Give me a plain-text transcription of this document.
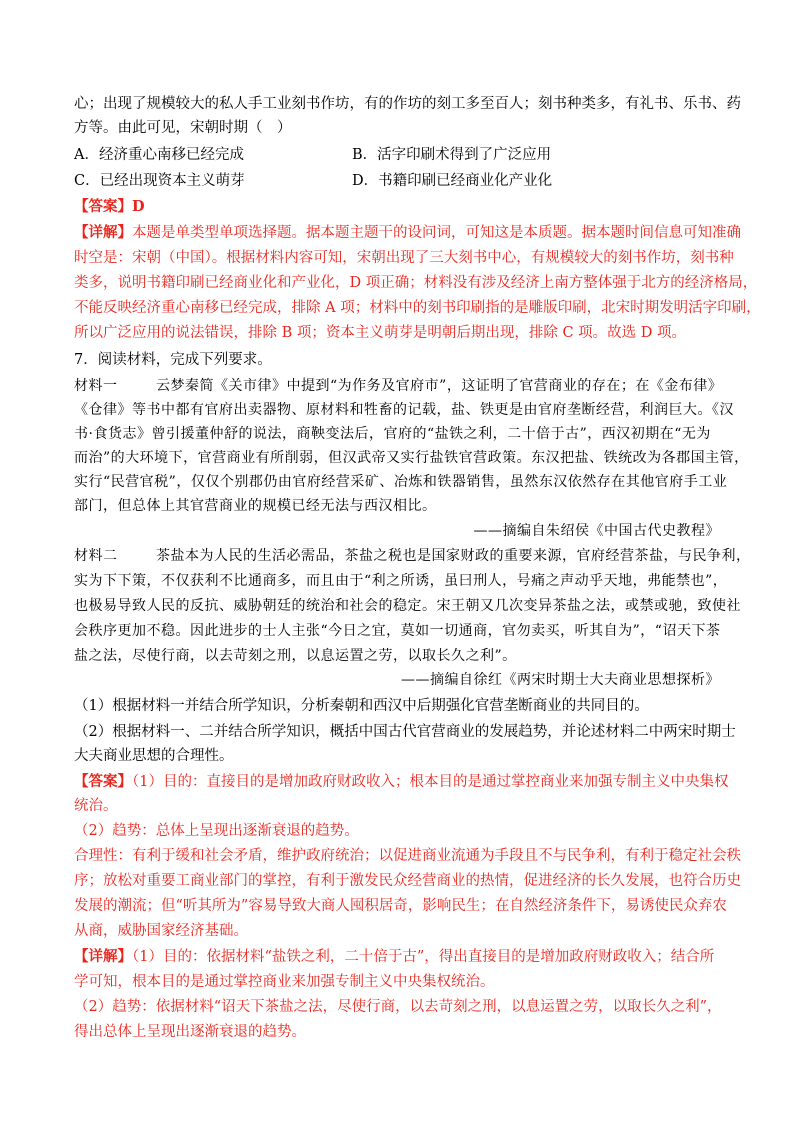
心；出现了规模较大的私人手工业刻书作坊，有的作坊的刻工多至百人；刻书种类多，有礼书、乐书、药
方等。由此可见，宋朝时期（　）
A．经济重心南移已经完成	B．活字印刷术得到了广泛应用
C．已经出现资本主义萌芽	D．书籍印刷已经商业化产业化
【答案】D
【详解】本题是单类型单项选择题。据本题主题干的设问词，可知这是本质题。据本题时间信息可知准确
时空是：宋朝（中国）。根据材料内容可知，宋朝出现了三大刻书中心，有规模较大的刻书作坊，刻书种
类多，说明书籍印刷已经商业化和产业化，D 项正确；材料没有涉及经济上南方整体强于北方的经济格局，
不能反映经济重心南移已经完成，排除 A 项；材料中的刻书印刷指的是雕版印刷，北宋时期发明活字印刷，
所以广泛应用的说法错误，排除 B 项；资本主义萌芽是明朝后期出现，排除 C 项。故选 D 项。
7．阅读材料，完成下列要求。
材料一	云梦秦简《关市律》中提到“为作务及官府市”，这证明了官营商业的存在；在《金布律》
《仓律》等书中都有官府出卖器物、原材料和牲畜的记载，盐、铁更是由官府垄断经营，利润巨大。《汉
书·食货志》曾引援董仲舒的说法，商鞅变法后，官府的“盐铁之利，二十倍于古”，西汉初期在“无为
而治”的大环境下，官营商业有所削弱，但汉武帝又实行盐铁官营政策。东汉把盐、铁统改为各郡国主管，
实行“民营官税”，仅仅个别郡仍由官府经营采矿、冶炼和铁器销售，虽然东汉依然存在其他官府手工业
部门，但总体上其官营商业的规模已经无法与西汉相比。
——摘编自朱绍侯《中国古代史教程》
材料二	茶盐本为人民的生活必需品，茶盐之税也是国家财政的重要来源，官府经营茶盐，与民争利，
实为下下策，不仅获利不比通商多，而且由于“利之所诱，虽曰刑人，号痛之声动乎天地，弗能禁也”，
也极易导致人民的反抗、威胁朝廷的统治和社会的稳定。宋王朝又几次变异茶盐之法，或禁或驰，致使社
会秩序更加不稳。因此进步的士人主张“今日之宜，莫如一切通商，官勿卖买，听其自为”，“诏天下茶
盐之法，尽使行商，以去苛刻之刑，以息运置之劳，以取长久之利”。
——摘编自徐红《两宋时期士大夫商业思想探析》
（1）根据材料一并结合所学知识，分析秦朝和西汉中后期强化官营垄断商业的共同目的。
（2）根据材料一、二并结合所学知识，概括中国古代官营商业的发展趋势，并论述材料二中两宋时期士
大夫商业思想的合理性。
【答案】（1）目的：直接目的是增加政府财政收入；根本目的是通过掌控商业来加强专制主义中央集权
统治。
（2）趋势：总体上呈现出逐渐衰退的趋势。
合理性：有利于缓和社会矛盾，维护政府统治；以促进商业流通为手段且不与民争利，有利于稳定社会秩
序；放松对重要工商业部门的掌控，有利于激发民众经营商业的热情，促进经济的长久发展，也符合历史
发展的潮流；但“听其所为”容易导致大商人囤积居奇，影响民生；在自然经济条件下，易诱使民众弃农
从商，威胁国家经济基础。
【详解】（1）目的：依据材料“盐铁之利，二十倍于古”，得出直接目的是增加政府财政收入；结合所
学可知，根本目的是通过掌控商业来加强专制主义中央集权统治。
（2）趋势：依据材料“诏天下茶盐之法，尽使行商，以去苛刻之刑，以息运置之劳，以取长久之利”，
得出总体上呈现出逐渐衰退的趋势。
